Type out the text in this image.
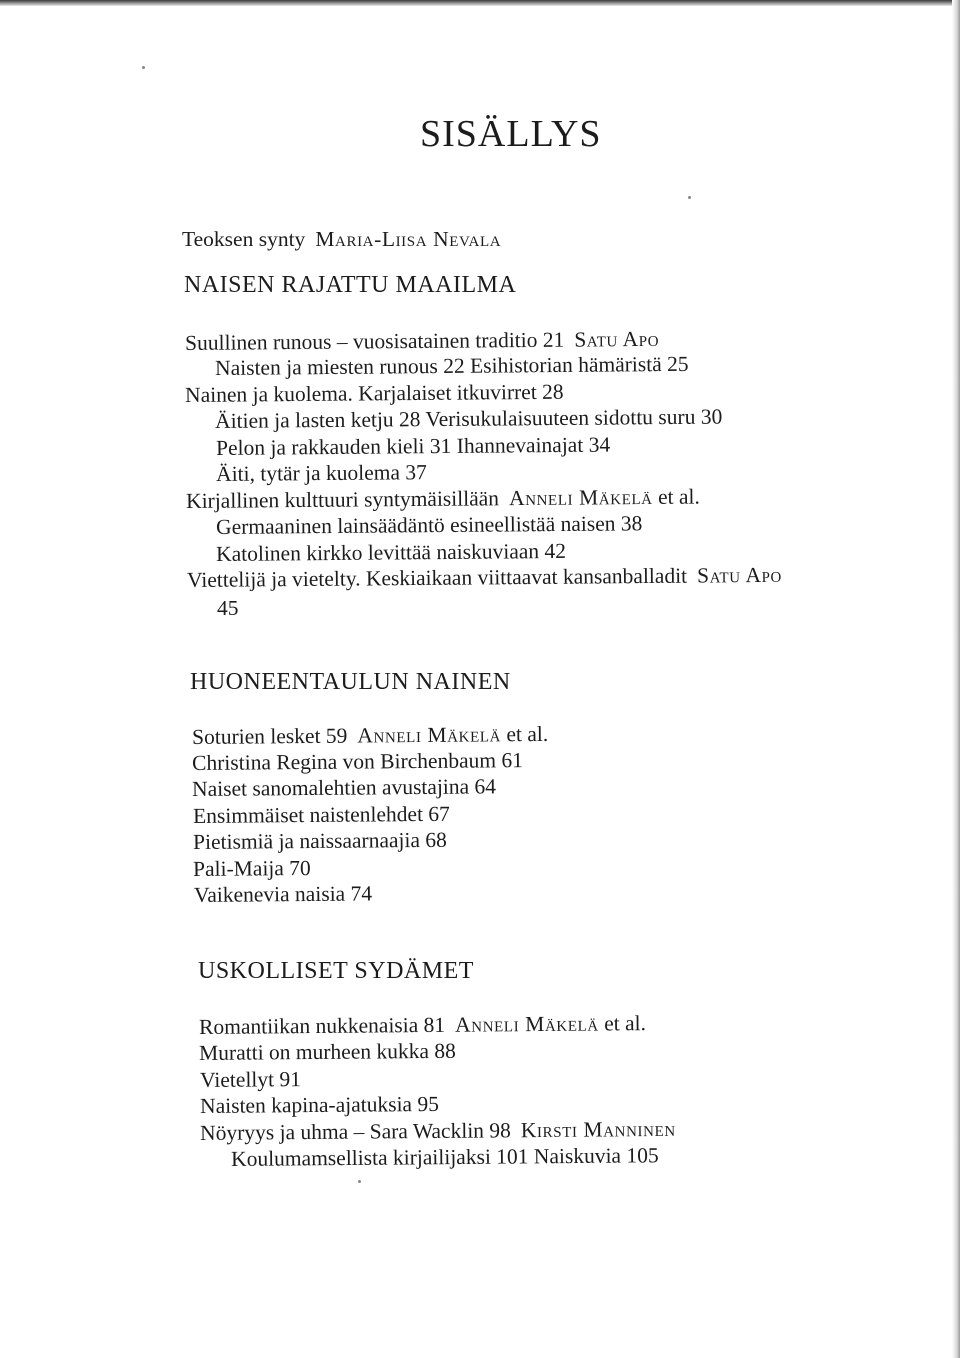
SISÄLLYS
Teoksen synty Maria-Liisa Nevala
NAISEN RAJATTU MAAILMA
Suullinen runous – vuosisatainen traditio 21 Satu Apo
Naisten ja miesten runous 22 Esihistorian hämäristä 25
Nainen ja kuolema. Karjalaiset itkuvirret 28
Äitien ja lasten ketju 28 Verisukulaisuuteen sidottu suru 30
Pelon ja rakkauden kieli 31 Ihannevainajat 34
Äiti, tytär ja kuolema 37
Kirjallinen kulttuuri syntymäisillään Anneli Mäkelä et al.
Germaaninen lainsäädäntö esineellistää naisen 38
Katolinen kirkko levittää naiskuviaan 42
Viettelijä ja vietelty. Keskiaikaan viittaavat kansanballadit Satu Apo
45
HUONEENTAULUN NAINEN
Soturien lesket 59 Anneli Mäkelä et al.
Christina Regina von Birchenbaum 61
Naiset sanomalehtien avustajina 64
Ensimmäiset naistenlehdet 67
Pietismiä ja naissaarnaajia 68
Pali-Maija 70
Vaikenevia naisia 74
USKOLLISET SYDÄMET
Romantiikan nukkenaisia 81 Anneli Mäkelä et al.
Muratti on murheen kukka 88
Vietellyt 91
Naisten kapina-ajatuksia 95
Nöyryys ja uhma – Sara Wacklin 98 Kirsti Manninen
Koulumamsellista kirjailijaksi 101 Naiskuvia 105
